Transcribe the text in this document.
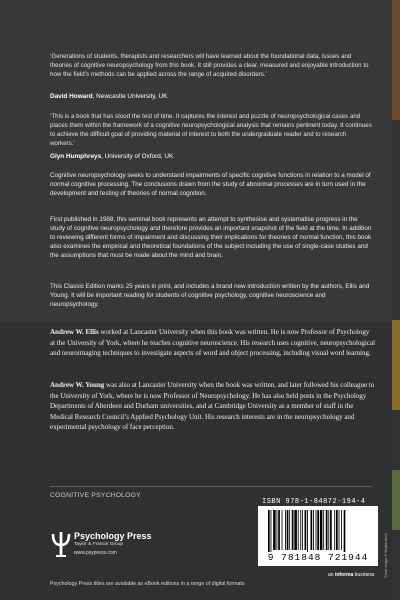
‘Generations of students, therapists and researchers will have learned about the foundational data, issues and theories of cognitive neuropsychology from this book. It still provides a clear, measured and enjoyable introduction to how the field’s methods can be applied across the range of acquired disorders.’
David Howard, Newcastle University, UK
‘This is a book that has stood the test of time. It captures the interest and puzzle of neuropsychological cases and places them within the framework of a cognitive neuropsychological analysis that remains pertinent today. It continues to achieve the difficult goal of providing material of interest to both the undergraduate reader and to research workers.’
Glyn Humphreys, University of Oxford, UK
Cognitive neuropsychology seeks to understand impairments of specific cognitive functions in relation to a model of normal cognitive processing. The conclusions drawn from the study of abnormal processes are in turn used in the development and testing of theories of normal cognition.
First published in 1988, this seminal book represents an attempt to synthesise and systematise progress in the study of cognitive neuropsychology and therefore provides an important snapshot of the field at the time. In addition to reviewing different forms of impairment and discussing their implications for theories of normal function, this book also examines the empirical and theoretical foundations of the subject including the use of single-case studies and the assumptions that must be made about the mind and brain.
This Classic Edition marks 25 years in print, and includes a brand new introduction written by the authors, Ellis and Young. It will be important reading for students of cognitive psychology, cognitive neuroscience and neuropsychology.
Andrew W. Ellis worked at Lancaster University when this book was written. He is now Professor of Psychology at the University of York, where he teaches cognitive neuroscience. His research uses cognitive, neuropsychological and neuroimaging techniques to investigate aspects of word and object processing, including visual word learning.
Andrew W. Young was also at Lancaster University when the book was written, and later followed his colleague to the University of York, where he is now Professor of Neuropsychology. He has also held posts in the Psychology Departments of Aberdeen and Durham universities, and at Cambridge University as a member of staff in the Medical Research Council’s Applied Psychology Unit. His research interests are in the neuropsychology and experimental psychology of face perception.
COGNITIVE PSYCHOLOGY
Psychology Press
Taylor & Francis Group
www.psypress.com
ISBN 978-1-84872-194-4
9 781848 721944	Cover image © Shutterstock
an informa business
Psychology Press titles are available as eBook editions in a range of digital formats
